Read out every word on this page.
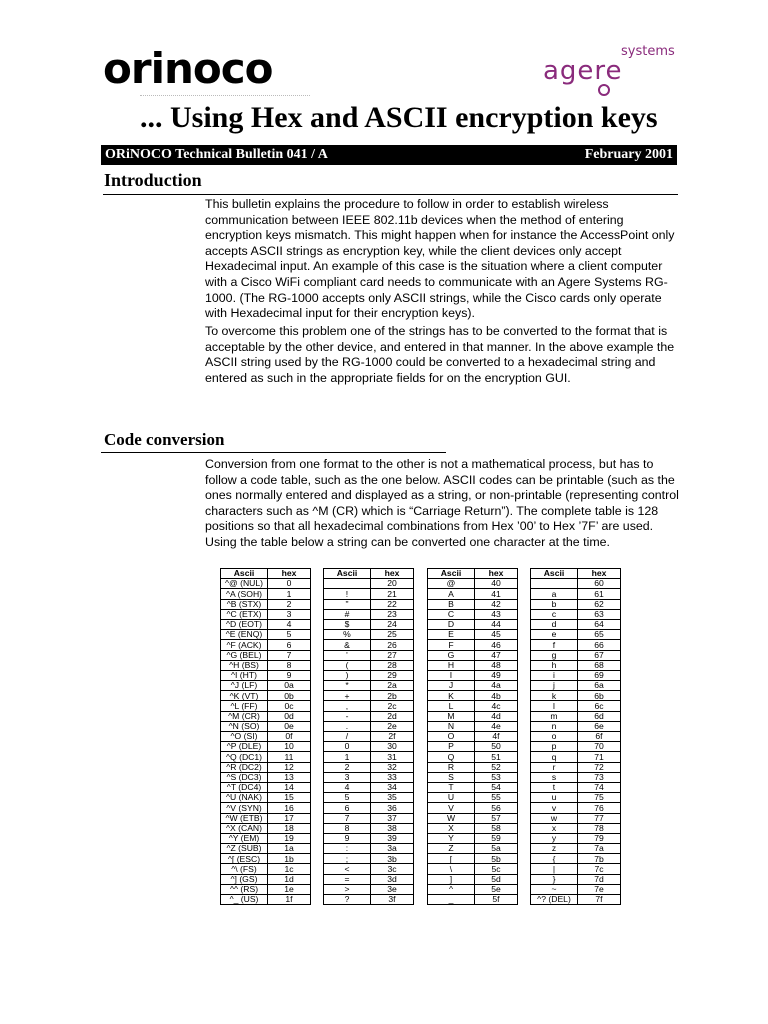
orinoco	agere
systems
... Using Hex and ASCII encryption keys
ORiNOCO Technical Bulletin 041 / A	February 2001
Introduction

This bulletin explains the procedure to follow in order to establish wireless communication between IEEE 802.11b devices when the method of entering encryption keys mismatch. This might happen when for instance the AccessPoint only accepts ASCII strings as encryption key, while the client devices only accept Hexadecimal input. An example of this case is the situation where a client computer with a Cisco WiFi compliant card needs to communicate with an Agere Systems RG-1000. (The RG-1000 accepts only ASCII strings, while the Cisco cards only operate with Hexadecimal input for their encryption keys).

To overcome this problem one of the strings has to be converted to the format that is acceptable by the other device, and entered in that manner. In the above example the ASCII string used by the RG-1000 could be converted to a hexadecimal string and entered as such in the appropriate fields for on the encryption GUI.

Code conversion

Conversion from one format to the other is not a mathematical process, but has to follow a code table, such as the one below. ASCII codes can be printable (such as the ones normally entered and displayed as a string, or non-printable (representing control characters such as ^M (CR) which is “Carriage Return”). The complete table is 128 positions so that all hexadecimal combinations from Hex ’00’ to Hex ’7F’ are used. Using the table below a string can be converted one character at the time.

Ascii	hex
^@ (NUL)	0
^A (SOH)	1
^B (STX)	2
^C (ETX)	3
^D (EOT)	4
^E (ENQ)	5
^F (ACK)	6
^G (BEL)	7
^H (BS)	8
^I (HT)	9
^J (LF)	0a
^K (VT)	0b
^L (FF)	0c
^M (CR)	0d
^N (SO)	0e
^O (SI)	0f
^P (DLE)	10
^Q (DC1)	11
^R (DC2)	12
^S (DC3)	13
^T (DC4)	14
^U (NAK)	15
^V (SYN)	16
^W (ETB)	17
^X (CAN)	18
^Y (EM)	19
^Z (SUB)	1a
^[ (ESC)	1b
^\ (FS)	1c
^] (GS)	1d
^^ (RS)	1e
^_ (US)	1f
Ascii	hex
	20
!	21
"	22
#	23
$	24
%	25
&	26
'	27
(	28
)	29
*	2a
+	2b
,	2c
-	2d
.	2e
/	2f
0	30
1	31
2	32
3	33
4	34
5	35
6	36
7	37
8	38
9	39
:	3a
;	3b
<	3c
=	3d
>	3e
?	3f
Ascii	hex
@	40
A	41
B	42
C	43
D	44
E	45
F	46
G	47
H	48
I	49
J	4a
K	4b
L	4c
M	4d
N	4e
O	4f
P	50
Q	51
R	52
S	53
T	54
U	55
V	56
W	57
X	58
Y	59
Z	5a
[	5b
\	5c
]	5d
^	5e
_	5f
Ascii	hex
	60
a	61
b	62
c	63
d	64
e	65
f	66
g	67
h	68
i	69
j	6a
k	6b
l	6c
m	6d
n	6e
o	6f
p	70
q	71
r	72
s	73
t	74
u	75
v	76
w	77
x	78
y	79
z	7a
{	7b
|	7c
}	7d
~	7e
^? (DEL)	7f
